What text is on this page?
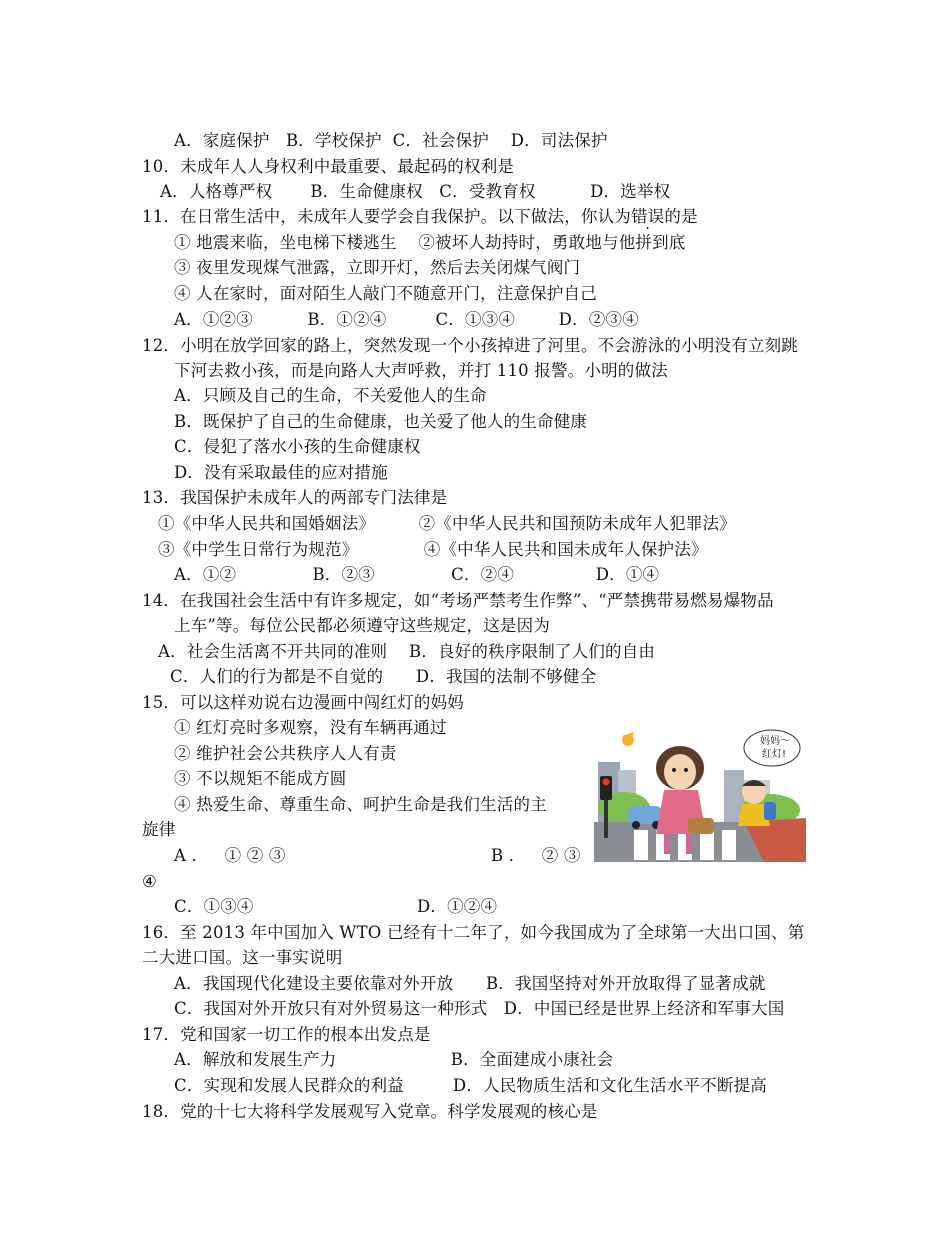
A．家庭保护   B．学校保护  C．社会保护    D．司法保护
10．未成年人人身权利中最重要、最起码的权利是
A．人格尊严权       B．生命健康权   C．受教育权          D．选举权
11．在日常生活中，未成年人要学会自我保护。以下做法，你认为错误的是
① 地震来临，坐电梯下楼逃生    ②被坏人劫持时，勇敢地与他拼到底
③ 夜里发现煤气泄露，立即开灯，然后去关闭煤气阀门
④ 人在家时，面对陌生人敲门不随意开门，注意保护自己
A．①②③          B．①②④         C．①③④        D．②③④
12．小明在放学回家的路上，突然发现一个小孩掉进了河里。不会游泳的小明没有立刻跳
下河去救小孩，而是向路人大声呼救，并打 110 报警。小明的做法
A．只顾及自己的生命，不关爱他人的生命
B．既保护了自己的生命健康，也关爱了他人的生命健康
C．侵犯了落水小孩的生命健康权
D．没有采取最佳的应对措施
13．我国保护未成年人的两部专门法律是
①《中华人民共和国婚姻法》        ②《中华人民共和国预防未成年人犯罪法》
③《中学生日常行为规范》            ④《中华人民共和国未成年人保护法》
A．①②              B．②③              C．②④               D．①④
14．在我国社会生活中有许多规定，如“考场严禁考生作弊”、“严禁携带易燃易爆物品
上车”等。每位公民都必须遵守这些规定，这是因为
A．社会生活离不开共同的准则    B．良好的秩序限制了人们的自由
C．人们的行为都是不自觉的      D．我国的法制不够健全
15．可以这样劝说右边漫画中闯红灯的妈妈
① 红灯亮时多观察，没有车辆再通过
② 维护社会公共秩序人人有责
③ 不以规矩不能成方圆
④ 热爱生命、尊重生命、呵护生命是我们生活的主
旋律
A ．   ① ② ③	B ．   ② ③
④
C．①③④                              D．①②④
16．至 2013 年中国加入 WTO 已经有十二年了，如今我国成为了全球第一大出口国、第
二大进口国。这一事实说明
A．我国现代化建设主要依靠对外开放      B．我国坚持对外开放取得了显著成就
C．我国对外开放只有对外贸易这一种形式   D．中国已经是世界上经济和军事大国
17．党和国家一切工作的根本出发点是
A．解放和发展生产力                     B．全面建成小康社会
C．实现和发展人民群众的利益         D．人民物质生活和文化生活水平不断提高
18．党的十七大将科学发展观写入党章。科学发展观的核心是
妈妈～
红灯!
